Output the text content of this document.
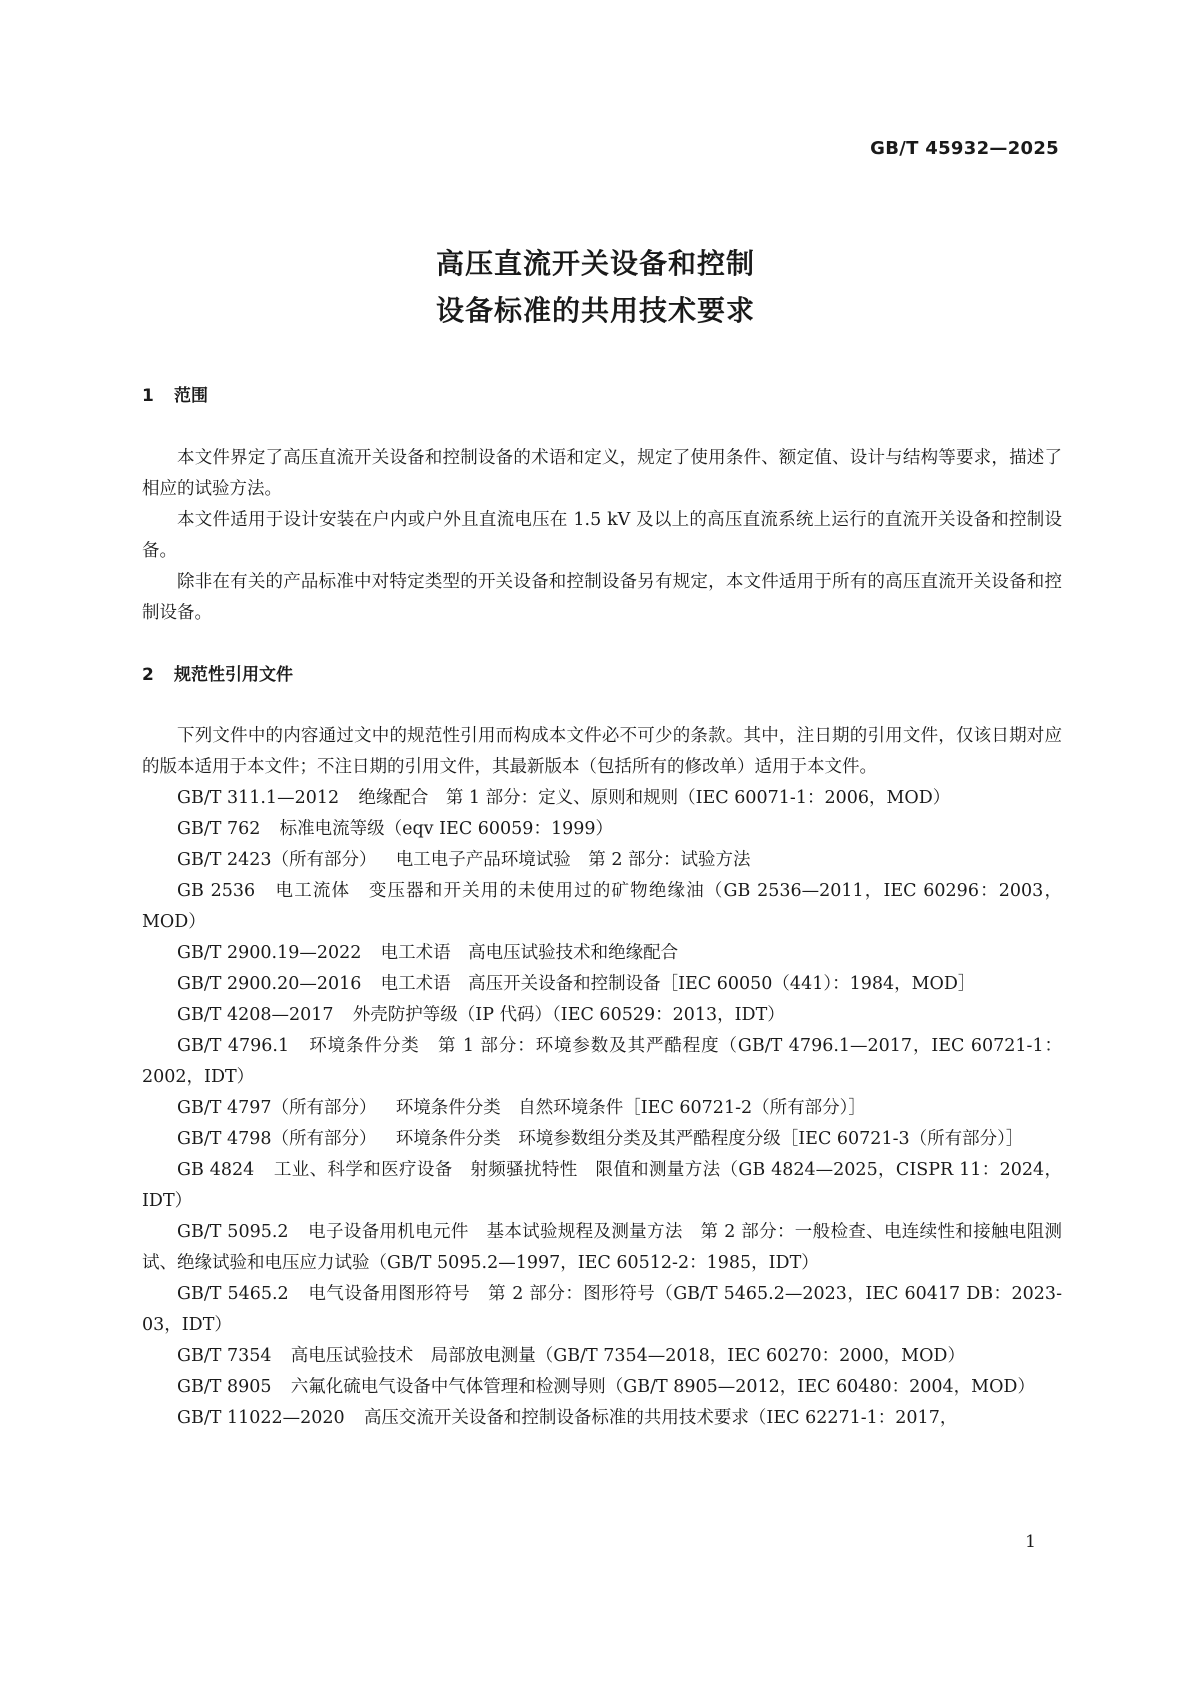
GB/T 45932—2025

高压直流开关设备和控制
设备标准的共用技术要求
1 范围

本文件界定了高压直流开关设备和控制设备的术语和定义，规定了使用条件、额定值、设计与结构等要求，描述了相应的试验方法。

本文件适用于设计安装在户内或户外且直流电压在 1.5 kV 及以上的高压直流系统上运行的直流开关设备和控制设备。

除非在有关的产品标准中对特定类型的开关设备和控制设备另有规定，本文件适用于所有的高压直流开关设备和控制设备。

2 规范性引用文件

下列文件中的内容通过文中的规范性引用而构成本文件必不可少的条款。其中，注日期的引用文件，仅该日期对应的版本适用于本文件；不注日期的引用文件，其最新版本（包括所有的修改单）适用于本文件。

GB/T 311.1—2012 绝缘配合　第 1 部分：定义、原则和规则（IEC 60071-1：2006，MOD）

GB/T 762 标准电流等级（eqv IEC 60059：1999）

GB/T 2423（所有部分） 电工电子产品环境试验　第 2 部分：试验方法

GB 2536 电工流体　变压器和开关用的未使用过的矿物绝缘油（GB 2536—2011，IEC 60296：2003，MOD）

GB/T 2900.19—2022 电工术语　高电压试验技术和绝缘配合

GB/T 2900.20—2016 电工术语　高压开关设备和控制设备［IEC 60050（441）：1984，MOD］

GB/T 4208—2017 外壳防护等级（IP 代码）（IEC 60529：2013，IDT）

GB/T 4796.1 环境条件分类　第 1 部分：环境参数及其严酷程度（GB/T 4796.1—2017，IEC 60721-1：2002，IDT）

GB/T 4797（所有部分） 环境条件分类　自然环境条件［IEC 60721-2（所有部分）］

GB/T 4798（所有部分） 环境条件分类　环境参数组分类及其严酷程度分级［IEC 60721-3（所有部分）］

GB 4824 工业、科学和医疗设备　射频骚扰特性　限值和测量方法（GB 4824—2025，CISPR 11：2024，IDT）

GB/T 5095.2 电子设备用机电元件　基本试验规程及测量方法　第 2 部分：一般检查、电连续性和接触电阻测试、绝缘试验和电压应力试验（GB/T 5095.2—1997，IEC 60512-2：1985，IDT）

GB/T 5465.2 电气设备用图形符号　第 2 部分：图形符号（GB/T 5465.2—2023，IEC 60417 DB：2023-03，IDT）

GB/T 7354 高电压试验技术　局部放电测量（GB/T 7354—2018，IEC 60270：2000，MOD）

GB/T 8905 六氟化硫电气设备中气体管理和检测导则（GB/T 8905—2012，IEC 60480：2004，MOD）

GB/T 11022—2020 高压交流开关设备和控制设备标准的共用技术要求（IEC 62271-1：2017，

1
